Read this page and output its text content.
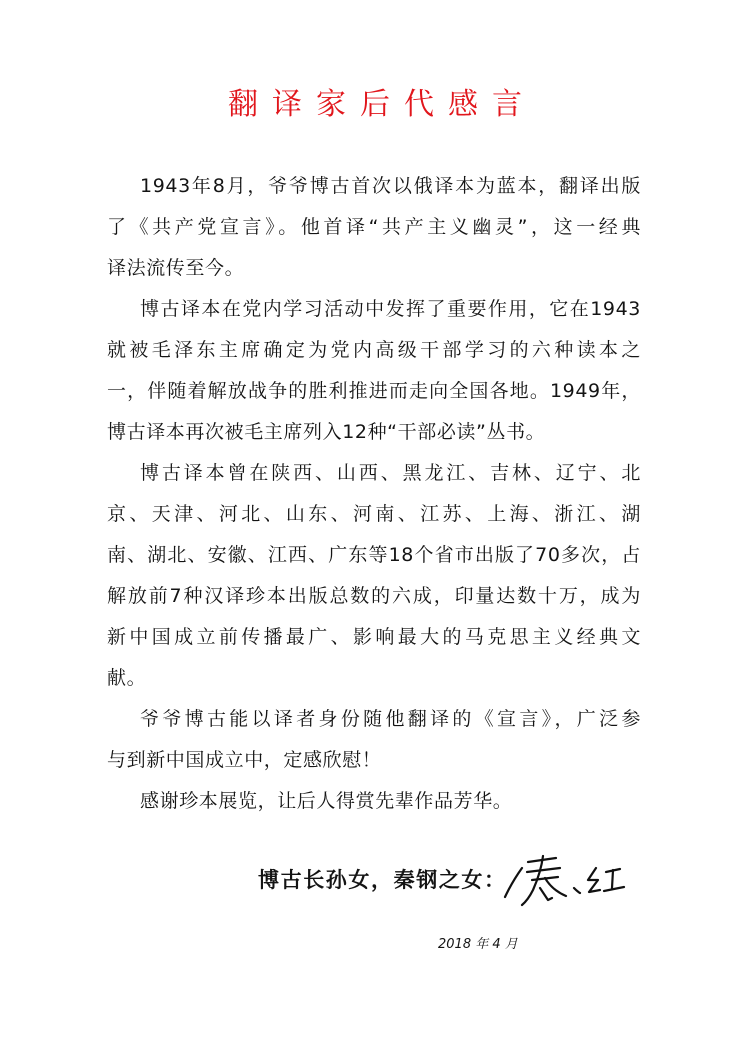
翻译家后代感言
1943年8月，爷爷博古首次以俄译本为蓝本，翻译出版
了《共产党宣言》。他首译“共产主义幽灵”，这一经典
译法流传至今。
博古译本在党内学习活动中发挥了重要作用，它在1943
就被毛泽东主席确定为党内高级干部学习的六种读本之
一，伴随着解放战争的胜利推进而走向全国各地。1949年，
博古译本再次被毛主席列入12种“干部必读”丛书。
博古译本曾在陕西、山西、黑龙江、吉林、辽宁、北
京、天津、河北、山东、河南、江苏、上海、浙江、湖
南、湖北、安徽、江西、广东等18个省市出版了70多次，占
解放前7种汉译珍本出版总数的六成，印量达数十万，成为
新中国成立前传播最广、影响最大的马克思主义经典文
献。
爷爷博古能以译者身份随他翻译的《宣言》，广泛参
与到新中国成立中，定感欣慰！
感谢珍本展览，让后人得赏先辈作品芳华。
博古长孙女，秦钢之女：
2018 年 4 月
